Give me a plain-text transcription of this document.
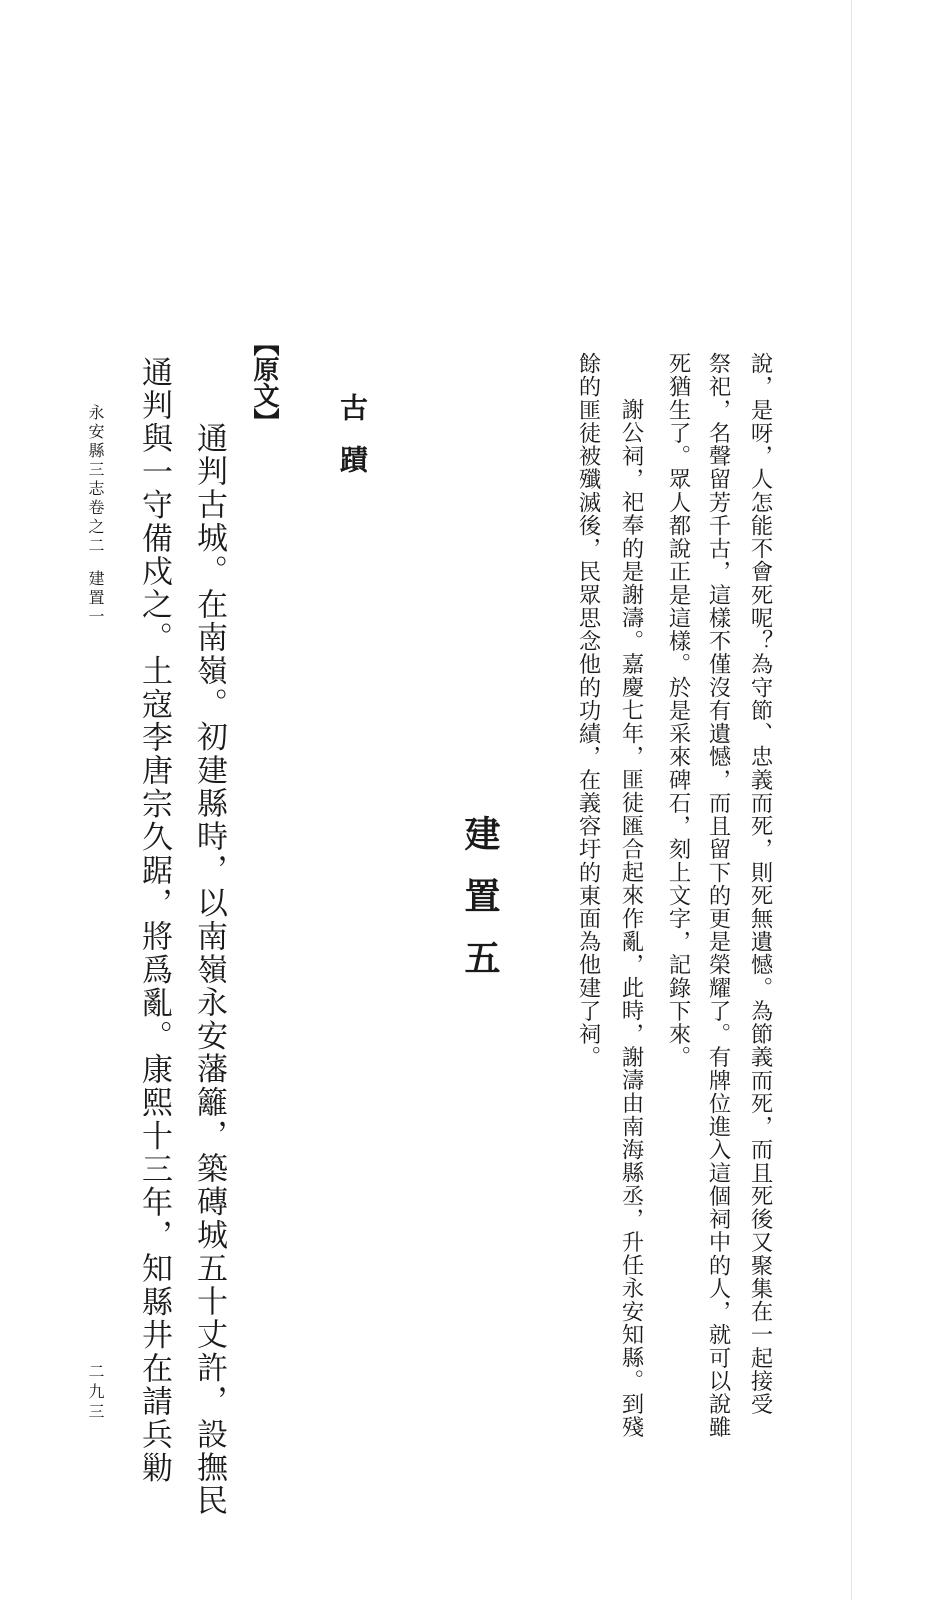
說，是呀，人怎能不會死呢？為守節、忠義而死，則死無遺憾。為節義而死，而且死後又聚集在一起接受
祭祀，名聲留芳千古，這樣不僅沒有遺憾，而且留下的更是榮耀了。有牌位進入這個祠中的人，就可以說雖
死猶生了。眾人都說正是這樣。於是采來碑石，刻上文字，記錄下來。
謝公祠，祀奉的是謝濤。嘉慶七年，匪徒匯合起來作亂，此時，謝濤由南海縣丞，升任永安知縣。到殘
餘的匪徒被殲滅後，民眾思念他的功績，在義容圩的東面為他建了祠。
建置五
古蹟
【原文】
通判古城。在南嶺。初建縣時，以南嶺永安藩籬，築磚城五十丈許，設撫民
通判與一守備戍之。土寇李唐宗久踞，將爲亂。康熙十三年，知縣井在請兵勦
永安縣三志卷之二建置一
二九三
